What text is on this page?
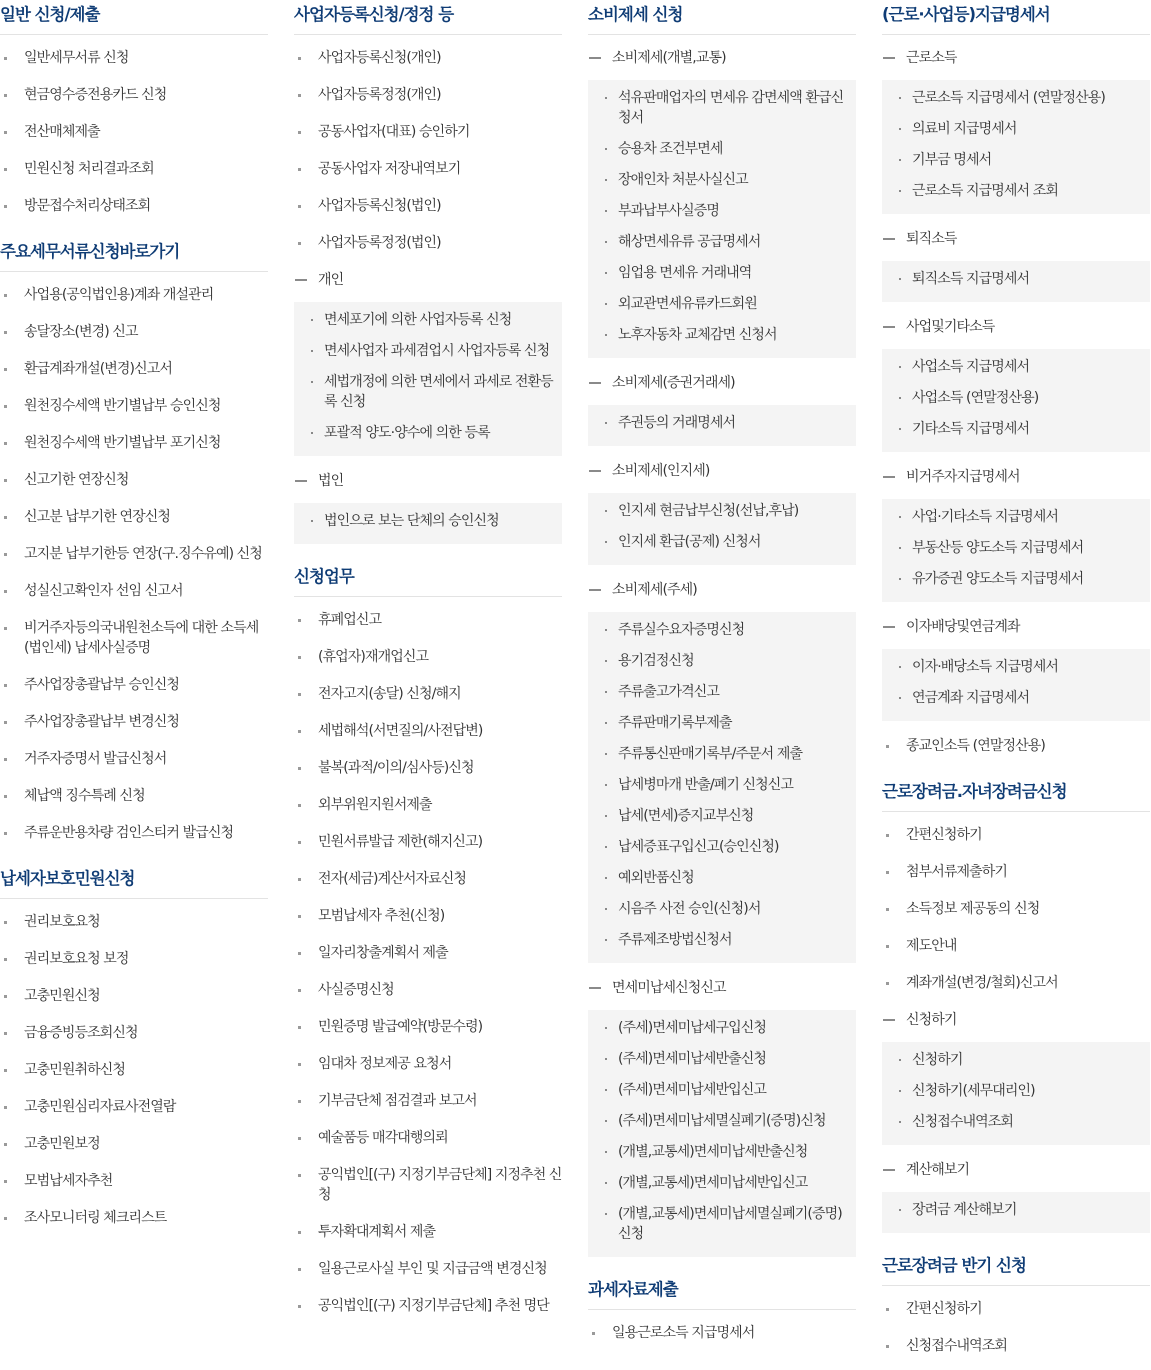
일반 신청/제출
일반세무서류 신청
현금영수증전용카드 신청
전산매체제출
민원신청 처리결과조회
방문접수처리상태조회
주요세무서류신청바로가기
사업용(공익법인용)계좌 개설관리
송달장소(변경) 신고
환급계좌개설(변경)신고서
원천징수세액 반기별납부 승인신청
원천징수세액 반기별납부 포기신청
신고기한 연장신청
신고분 납부기한 연장신청
고지분 납부기한등 연장(구.징수유예) 신청
성실신고확인자 선임 신고서
비거주자등의국내원천소득에 대한 소득세(법인세) 납세사실증명
주사업장총괄납부 승인신청
주사업장총괄납부 변경신청
거주자증명서 발급신청서
체납액 징수특례 신청
주류운반용차량 검인스티커 발급신청
납세자보호민원신청
권리보호요청
권리보호요청 보정
고충민원신청
금융증빙등조회신청
고충민원취하신청
고충민원심리자료사전열람
고충민원보정
모범납세자추천
조사모니터링 체크리스트
사업자등록신청/정정 등
사업자등록신청(개인)
사업자등록정정(개인)
공동사업자(대표) 승인하기
공동사업자 저장내역보기
사업자등록신청(법인)
사업자등록정정(법인)
개인
면세포기에 의한 사업자등록 신청
면세사업자 과세겸업시 사업자등록 신청
세법개정에 의한 면세에서 과세로 전환등록 신청
포괄적 양도·양수에 의한 등록
법인
법인으로 보는 단체의 승인신청
신청업무
휴폐업신고
(휴업자)재개업신고
전자고지(송달) 신청/해지
세법해석(서면질의/사전답변)
불복(과적/이의/심사등)신청
외부위원지원서제출
민원서류발급 제한(해지신고)
전자(세금)계산서자료신청
모범납세자 추천(신청)
일자리창출계획서 제출
사실증명신청
민원증명 발급예약(방문수령)
임대차 정보제공 요청서
기부금단체 점검결과 보고서
예술품등 매각대행의뢰
공익법인[(구) 지정기부금단체] 지정추천 신청
투자확대계획서 제출
일용근로사실 부인 및 지급금액 변경신청
공익법인[(구) 지정기부금단체] 추천 명단
소비제세 신청
소비제세(개별,교통)
석유판매업자의 면세유 감면세액 환급신청서
승용차 조건부면세
장애인차 처분사실신고
부과납부사실증명
해상면세유류 공급명세서
임업용 면세유 거래내역
외교관면세유류카드회원
노후자동차 교체감면 신청서
소비제세(증권거래세)
주권등의 거래명세서
소비제세(인지세)
인지세 현금납부신청(선납,후납)
인지세 환급(공제) 신청서
소비제세(주세)
주류실수요자증명신청
용기검정신청
주류출고가격신고
주류판매기록부제출
주류통신판매기록부/주문서 제출
납세병마개 반출/폐기 신청신고
납세(면세)증지교부신청
납세증표구입신고(승인신청)
예외반품신청
시음주 사전 승인(신청)서
주류제조방법신청서
면세미납세신청신고
(주세)면세미납세구입신청
(주세)면세미납세반출신청
(주세)면세미납세반입신고
(주세)면세미납세멸실폐기(증명)신청
(개별,교통세)면세미납세반출신청
(개별,교통세)면세미납세반입신고
(개별,교통세)면세미납세멸실폐기(증명)신청
과세자료제출
일용근로소득 지급명세서
(근로·사업등)지급명세서
근로소득
근로소득 지급명세서 (연말정산용)
의료비 지급명세서
기부금 명세서
근로소득 지급명세서 조회
퇴직소득
퇴직소득 지급명세서
사업및기타소득
사업소득 지급명세서
사업소득 (연말정산용)
기타소득 지급명세서
비거주자지급명세서
사업·기타소득 지급명세서
부동산등 양도소득 지급명세서
유가증권 양도소득 지급명세서
이자배당및연금계좌
이자·배당소득 지급명세서
연금계좌 지급명세서
종교인소득 (연말정산용)
근로장려금.자녀장려금신청
간편신청하기
첨부서류제출하기
소득정보 제공동의 신청
제도안내
계좌개설(변경/철회)신고서
신청하기
신청하기
신청하기(세무대리인)
신청접수내역조회
계산해보기
장려금 계산해보기
근로장려금 반기 신청
간편신청하기
신청접수내역조회
